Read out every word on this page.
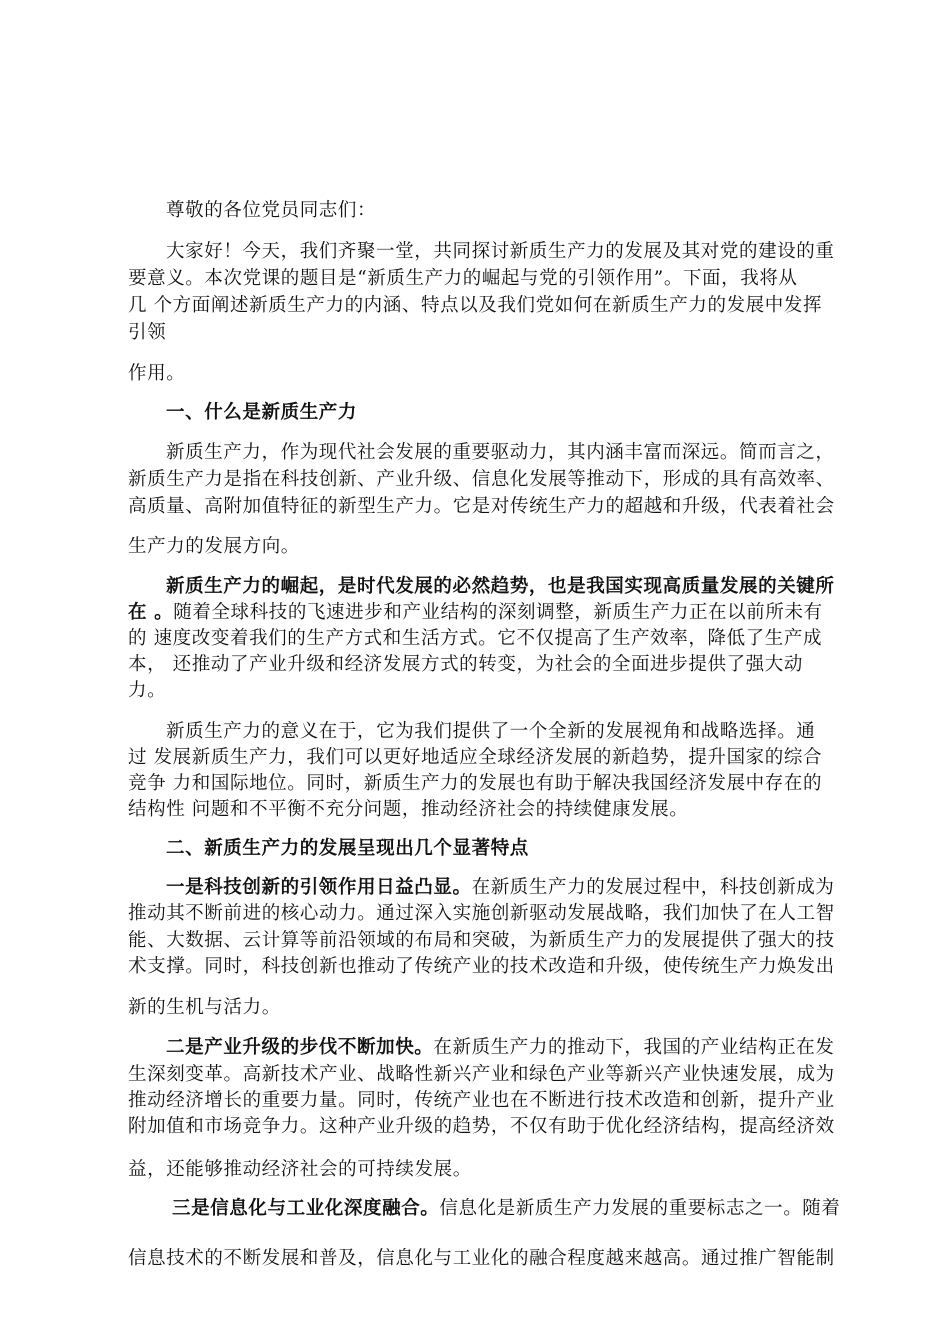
尊敬的各位党员同志们：
大家好！今天，我们齐聚一堂，共同探讨新质生产力的发展及其对党的建设的重
要意义。本次党课的题目是“新质生产力的崛起与党的引领作用”。下面，我将从
几 个方面阐述新质生产力的内涵、特点以及我们党如何在新质生产力的发展中发挥
引领
作用。
一、什么是新质生产力
新质生产力，作为现代社会发展的重要驱动力，其内涵丰富而深远。简而言之，
新质生产力是指在科技创新、产业升级、信息化发展等推动下，形成的具有高效率、
高质量、高附加值特征的新型生产力。它是对传统生产力的超越和升级，代表着社会
生产力的发展方向。
新质生产力的崛起，是时代发展的必然趋势，也是我国实现高质量发展的关键所
在 。随着全球科技的飞速进步和产业结构的深刻调整，新质生产力正在以前所未有
的 速度改变着我们的生产方式和生活方式。它不仅提高了生产效率，降低了生产成
本， 还推动了产业升级和经济发展方式的转变，为社会的全面进步提供了强大动
力。
新质生产力的意义在于，它为我们提供了一个全新的发展视角和战略选择。通
过 发展新质生产力，我们可以更好地适应全球经济发展的新趋势，提升国家的综合
竞争 力和国际地位。同时，新质生产力的发展也有助于解决我国经济发展中存在的
结构性 问题和不平衡不充分问题，推动经济社会的持续健康发展。
二、新质生产力的发展呈现出几个显著特点
一是科技创新的引领作用日益凸显。在新质生产力的发展过程中，科技创新成为
推动其不断前进的核心动力。通过深入实施创新驱动发展战略，我们加快了在人工智
能、大数据、云计算等前沿领域的布局和突破，为新质生产力的发展提供了强大的技
术支撑。同时，科技创新也推动了传统产业的技术改造和升级，使传统生产力焕发出
新的生机与活力。
二是产业升级的步伐不断加快。在新质生产力的推动下，我国的产业结构正在发
生深刻变革。高新技术产业、战略性新兴产业和绿色产业等新兴产业快速发展，成为
推动经济增长的重要力量。同时，传统产业也在不断进行技术改造和创新，提升产业
附加值和市场竞争力。这种产业升级的趋势，不仅有助于优化经济结构，提高经济效
益，还能够推动经济社会的可持续发展。
三是信息化与工业化深度融合。信息化是新质生产力发展的重要标志之一。随着
信息技术的不断发展和普及，信息化与工业化的融合程度越来越高。通过推广智能制
